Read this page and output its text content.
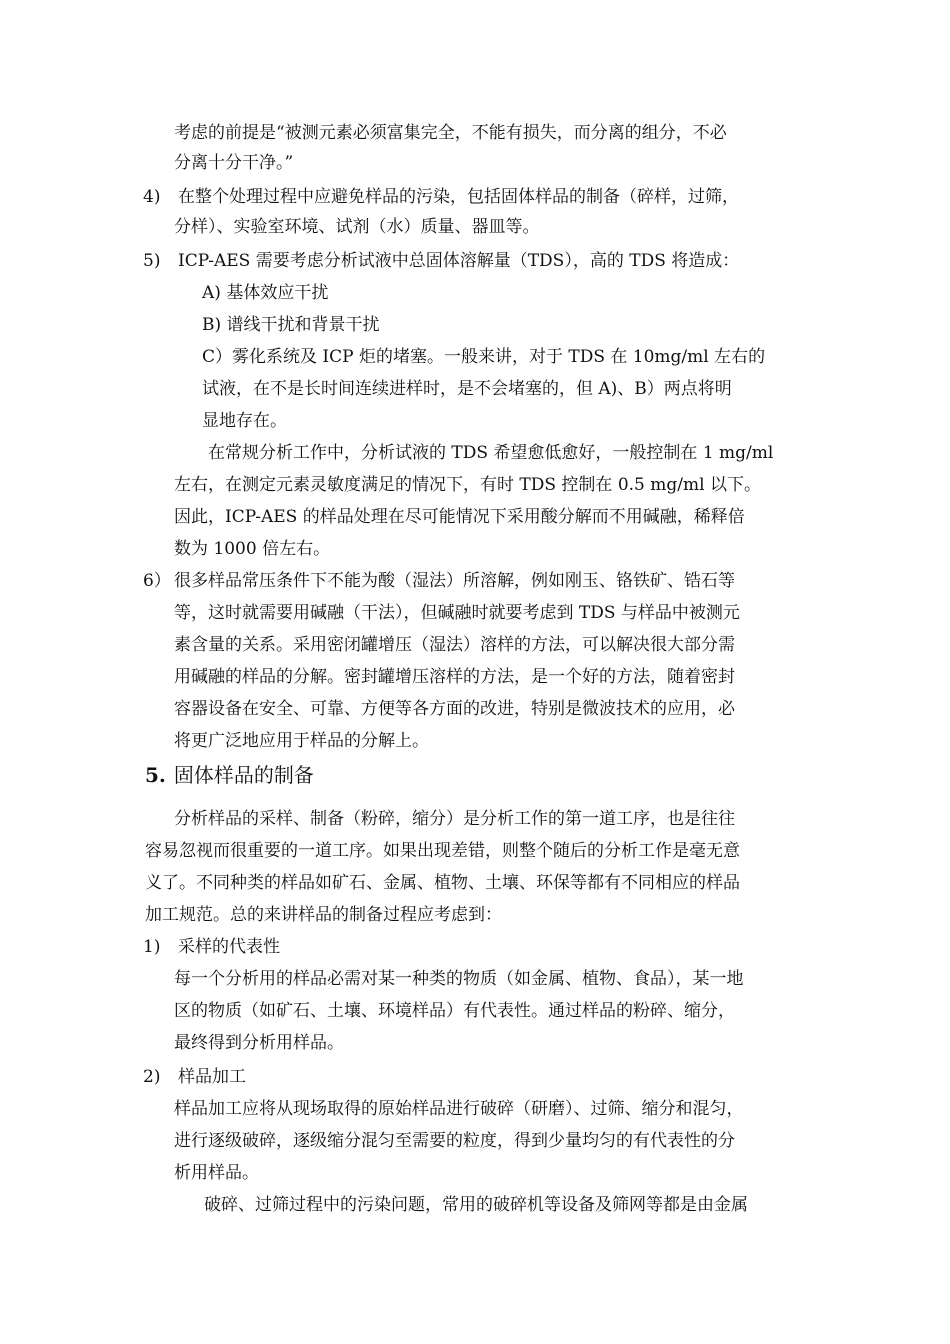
考虑的前提是“被测元素必须富集完全，不能有损失，而分离的组分，不必
分离十分干净。”
4) 在整个处理过程中应避免样品的污染，包括固体样品的制备（碎样，过筛，
分样）、实验室环境、试剂（水）质量、器皿等。
5) ICP-AES 需要考虑分析试液中总固体溶解量（TDS），高的 TDS 将造成：
A) 基体效应干扰
B) 谱线干扰和背景干扰
C）雾化系统及 ICP 炬的堵塞。一般来讲，对于 TDS 在 10mg/ml 左右的
试液，在不是长时间连续进样时，是不会堵塞的，但 A)、B）两点将明
显地存在。
在常规分析工作中，分析试液的 TDS 希望愈低愈好，一般控制在 1 mg/ml
左右，在测定元素灵敏度满足的情况下，有时 TDS 控制在 0.5 mg/ml 以下。
因此，ICP-AES 的样品处理在尽可能情况下采用酸分解而不用碱融，稀释倍
数为 1000 倍左右。
6） 很多样品常压条件下不能为酸（湿法）所溶解，例如刚玉、铬铁矿、锆石等
等，这时就需要用碱融（干法），但碱融时就要考虑到 TDS 与样品中被测元
素含量的关系。采用密闭罐增压（湿法）溶样的方法，可以解决很大部分需
用碱融的样品的分解。密封罐增压溶样的方法，是一个好的方法，随着密封
容器设备在安全、可靠、方便等各方面的改进，特别是微波技术的应用，必
将更广泛地应用于样品的分解上。
5. 固体样品的制备
分析样品的采样、制备（粉碎，缩分）是分析工作的第一道工序，也是往往
容易忽视而很重要的一道工序。如果出现差错，则整个随后的分析工作是毫无意
义了。不同种类的样品如矿石、金属、植物、土壤、环保等都有不同相应的样品
加工规范。总的来讲样品的制备过程应考虑到：
1) 采样的代表性
每一个分析用的样品必需对某一种类的物质（如金属、植物、食品），某一地
区的物质（如矿石、土壤、环境样品）有代表性。通过样品的粉碎、缩分，
最终得到分析用样品。
2) 样品加工
样品加工应将从现场取得的原始样品进行破碎（研磨）、过筛、缩分和混匀，
进行逐级破碎，逐级缩分混匀至需要的粒度，得到少量均匀的有代表性的分
析用样品。
破碎、过筛过程中的污染问题，常用的破碎机等设备及筛网等都是由金属
